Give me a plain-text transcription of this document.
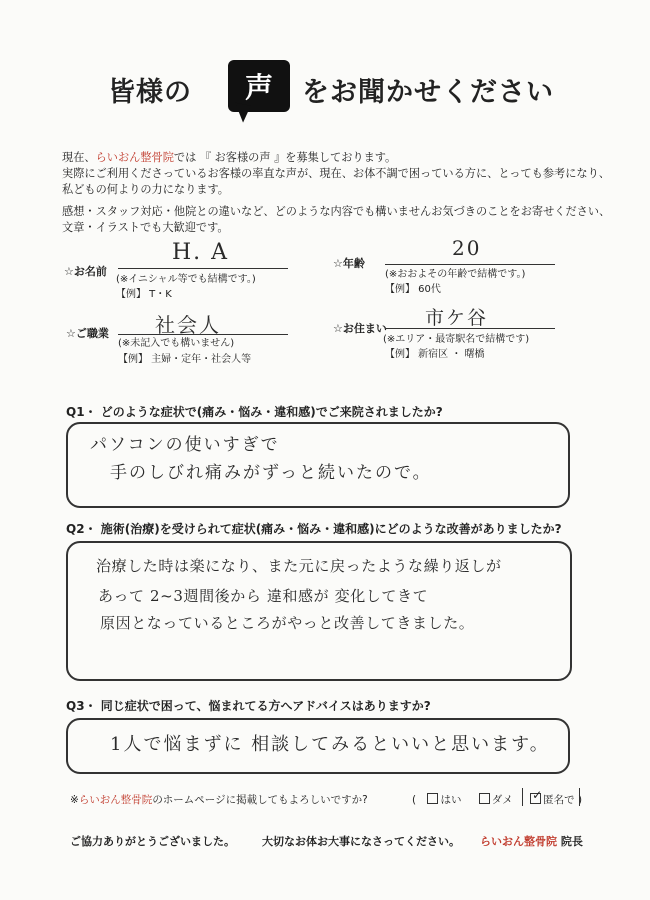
皆様の 声 をお聞かせください
現在、らいおん整骨院では 『 お客様の声 』を募集しております。
実際にご利用くださっているお客様の率直な声が、現在、お体不調で困っている方に、とっても参考になり、
私どもの何よりの力になります。
感想・スタッフ対応・他院との違いなど、どのような内容でも構いませんお気づきのことをお寄せください、
文章・イラストでも大歓迎です。
☆お名前
H. A
(※イニシャル等でも結構です。)
【例】 T・K
☆年齢
20
(※おおよその年齢で結構です。)
【例】 60代
☆ご職業 社会人
(※未記入でも構いません)
【例】 主婦・定年・社会人等
☆お住まい 市ケ谷
(※エリア・最寄駅名で結構です)
【例】 新宿区 ・ 曙橋
Q1・ どのような症状で(痛み・悩み・違和感)でご来院されましたか?
パソコンの使いすぎで
手のしびれ痛みがずっと続いたので。
Q2・ 施術(治療)を受けられて症状(痛み・悩み・違和感)にどのような改善がありましたか?
治療した時は楽になり、また元に戻ったような繰り返しが
あって 2~3週間後から 違和感が 変化してきて
原因となっているところがやっと改善してきました。
Q3・ 同じ症状で困って、悩まれてる方へアドバイスはありますか?
1人で悩まずに 相談してみるといいと思います。
※らいおん整骨院のホームページに掲載してもよろしいですか?	( はい	ダメ ✓ 匿名で )
ご協力ありがとうございました。 大切なお体お大事になさってください。 らいおん整骨院 院長
